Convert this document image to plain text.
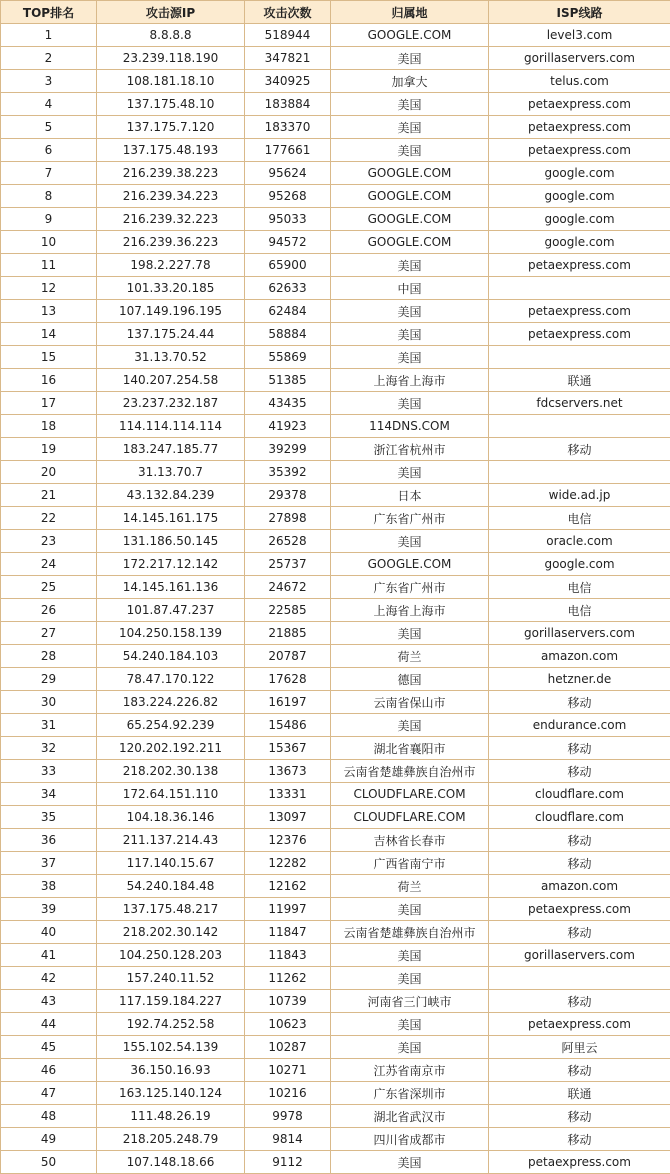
TOP排名	攻击源IP	攻击次数	归属地	ISP线路
1	8.8.8.8	518944	GOOGLE.COM	level3.com
2	23.239.118.190	347821	美国	gorillaservers.com
3	108.181.18.10	340925	加拿大	telus.com
4	137.175.48.10	183884	美国	petaexpress.com
5	137.175.7.120	183370	美国	petaexpress.com
6	137.175.48.193	177661	美国	petaexpress.com
7	216.239.38.223	95624	GOOGLE.COM	google.com
8	216.239.34.223	95268	GOOGLE.COM	google.com
9	216.239.32.223	95033	GOOGLE.COM	google.com
10	216.239.36.223	94572	GOOGLE.COM	google.com
11	198.2.227.78	65900	美国	petaexpress.com
12	101.33.20.185	62633	中国	
13	107.149.196.195	62484	美国	petaexpress.com
14	137.175.24.44	58884	美国	petaexpress.com
15	31.13.70.52	55869	美国	
16	140.207.254.58	51385	上海省上海市	联通
17	23.237.232.187	43435	美国	fdcservers.net
18	114.114.114.114	41923	114DNS.COM	
19	183.247.185.77	39299	浙江省杭州市	移动
20	31.13.70.7	35392	美国	
21	43.132.84.239	29378	日本	wide.ad.jp
22	14.145.161.175	27898	广东省广州市	电信
23	131.186.50.145	26528	美国	oracle.com
24	172.217.12.142	25737	GOOGLE.COM	google.com
25	14.145.161.136	24672	广东省广州市	电信
26	101.87.47.237	22585	上海省上海市	电信
27	104.250.158.139	21885	美国	gorillaservers.com
28	54.240.184.103	20787	荷兰	amazon.com
29	78.47.170.122	17628	德国	hetzner.de
30	183.224.226.82	16197	云南省保山市	移动
31	65.254.92.239	15486	美国	endurance.com
32	120.202.192.211	15367	湖北省襄阳市	移动
33	218.202.30.138	13673	云南省楚雄彝族自治州市	移动
34	172.64.151.110	13331	CLOUDFLARE.COM	cloudflare.com
35	104.18.36.146	13097	CLOUDFLARE.COM	cloudflare.com
36	211.137.214.43	12376	吉林省长春市	移动
37	117.140.15.67	12282	广西省南宁市	移动
38	54.240.184.48	12162	荷兰	amazon.com
39	137.175.48.217	11997	美国	petaexpress.com
40	218.202.30.142	11847	云南省楚雄彝族自治州市	移动
41	104.250.128.203	11843	美国	gorillaservers.com
42	157.240.11.52	11262	美国	
43	117.159.184.227	10739	河南省三门峡市	移动
44	192.74.252.58	10623	美国	petaexpress.com
45	155.102.54.139	10287	美国	阿里云
46	36.150.16.93	10271	江苏省南京市	移动
47	163.125.140.124	10216	广东省深圳市	联通
48	111.48.26.19	9978	湖北省武汉市	移动
49	218.205.248.79	9814	四川省成都市	移动
50	107.148.18.66	9112	美国	petaexpress.com
